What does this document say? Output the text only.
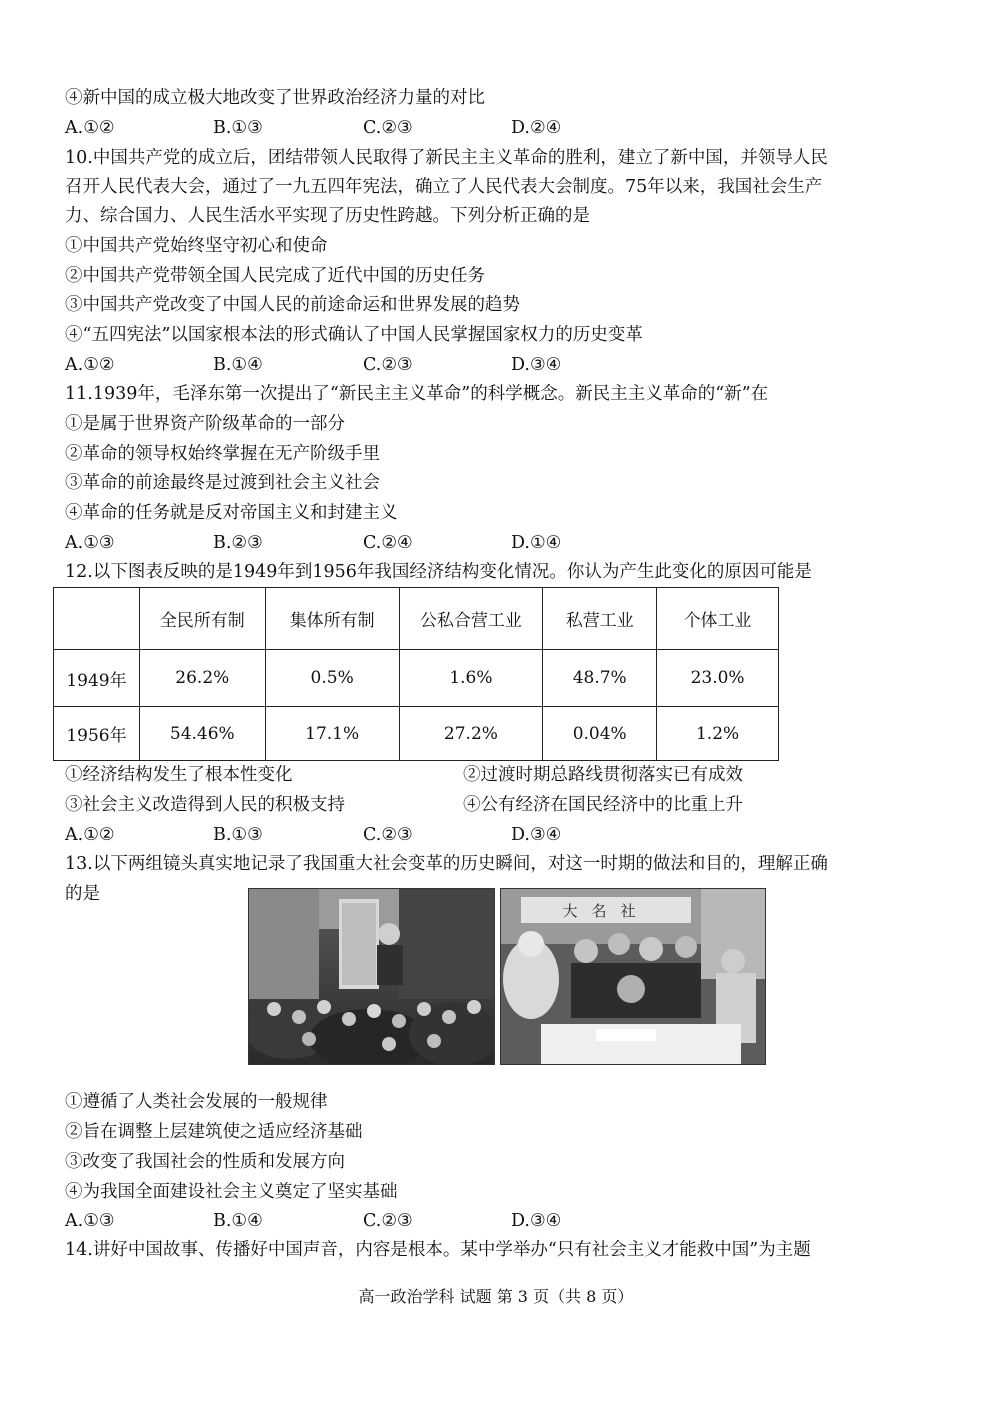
④新中国的成立极大地改变了世界政治经济力量的对比
A.①②	B.①③	C.②③	D.②④
10.中国共产党的成立后，团结带领人民取得了新民主主义革命的胜利，建立了新中国，并领导人民
召开人民代表大会，通过了一九五四年宪法，确立了人民代表大会制度。75年以来，我国社会生产
力、综合国力、人民生活水平实现了历史性跨越。下列分析正确的是
①中国共产党始终坚守初心和使命
②中国共产党带领全国人民完成了近代中国的历史任务
③中国共产党改变了中国人民的前途命运和世界发展的趋势
④“五四宪法”以国家根本法的形式确认了中国人民掌握国家权力的历史变革
A.①②	B.①④	C.②③	D.③④
11.1939年，毛泽东第一次提出了“新民主主义革命”的科学概念。新民主主义革命的“新”在
①是属于世界资产阶级革命的一部分
②革命的领导权始终掌握在无产阶级手里
③革命的前途最终是过渡到社会主义社会
④革命的任务就是反对帝国主义和封建主义
A.①③	B.②③	C.②④	D.①④
12.以下图表反映的是1949年到1956年我国经济结构变化情况。你认为产生此变化的原因可能是
	全民所有制	集体所有制	公私合营工业	私营工业	个体工业
1949年	26.2%	0.5%	1.6%	48.7%	23.0%
1956年	54.46%	17.1%	27.2%	0.04%	1.2%
①经济结构发生了根本性变化	②过渡时期总路线贯彻落实已有成效
③社会主义改造得到人民的积极支持	④公有经济在国民经济中的比重上升
A.①②	B.①③	C.②③	D.③④
13.以下两组镜头真实地记录了我国重大社会变革的历史瞬间，对这一时期的做法和目的，理解正确
的是
大名社
①遵循了人类社会发展的一般规律
②旨在调整上层建筑使之适应经济基础
③改变了我国社会的性质和发展方向
④为我国全面建设社会主义奠定了坚实基础
A.①③	B.①④	C.②③	D.③④
14.讲好中国故事、传播好中国声音，内容是根本。某中学举办“只有社会主义才能救中国”为主题
高一政治学科 试题 第 3 页（共 8 页）
